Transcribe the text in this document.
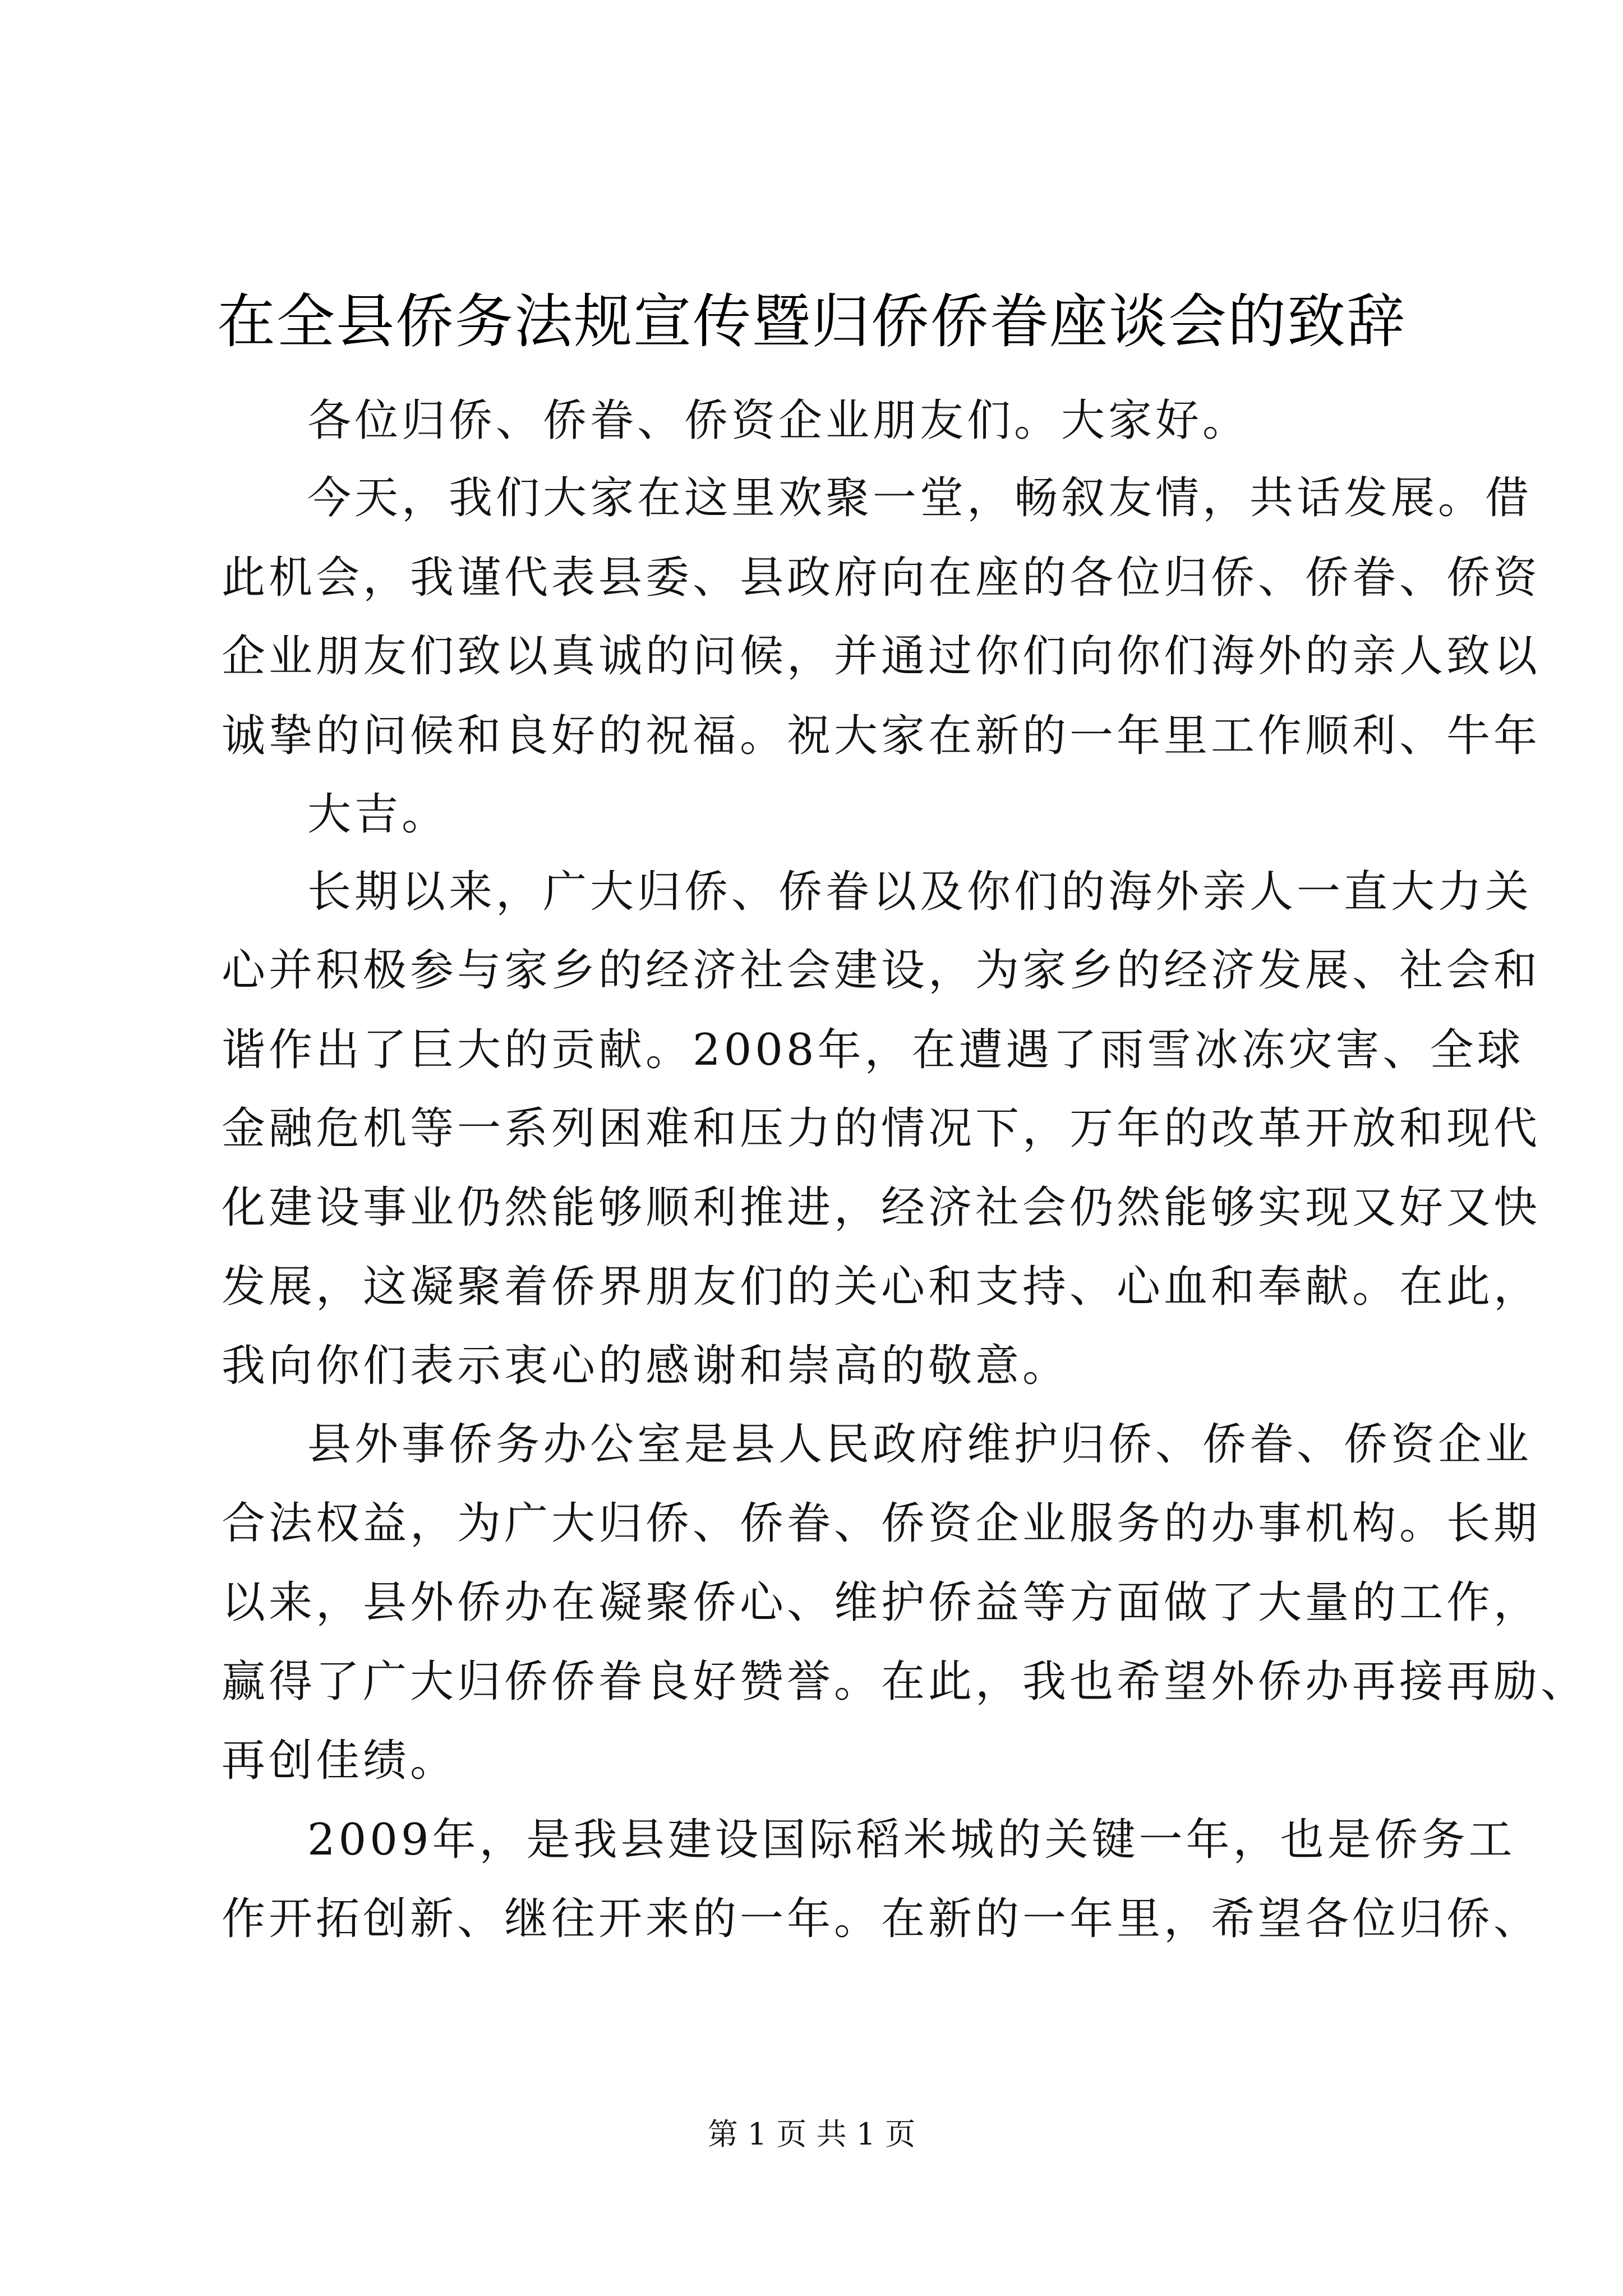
在全县侨务法规宣传暨归侨侨眷座谈会的致辞
各位归侨、侨眷、侨资企业朋友们。大家好。
今天，我们大家在这里欢聚一堂，畅叙友情，共话发展。借
此机会，我谨代表县委、县政府向在座的各位归侨、侨眷、侨资
企业朋友们致以真诚的问候，并通过你们向你们海外的亲人致以
诚挚的问候和良好的祝福。祝大家在新的一年里工作顺利、牛年
大吉。
长期以来，广大归侨、侨眷以及你们的海外亲人一直大力关
心并积极参与家乡的经济社会建设，为家乡的经济发展、社会和
谐作出了巨大的贡献。2008年，在遭遇了雨雪冰冻灾害、全球
金融危机等一系列困难和压力的情况下，万年的改革开放和现代
化建设事业仍然能够顺利推进，经济社会仍然能够实现又好又快
发展，这凝聚着侨界朋友们的关心和支持、心血和奉献。在此，
我向你们表示衷心的感谢和崇高的敬意。
县外事侨务办公室是县人民政府维护归侨、侨眷、侨资企业
合法权益，为广大归侨、侨眷、侨资企业服务的办事机构。长期
以来，县外侨办在凝聚侨心、维护侨益等方面做了大量的工作，
赢得了广大归侨侨眷良好赞誉。在此，我也希望外侨办再接再励、
再创佳绩。
2009年，是我县建设国际稻米城的关键一年，也是侨务工
作开拓创新、继往开来的一年。在新的一年里，希望各位归侨、
第 1 页 共 1 页
